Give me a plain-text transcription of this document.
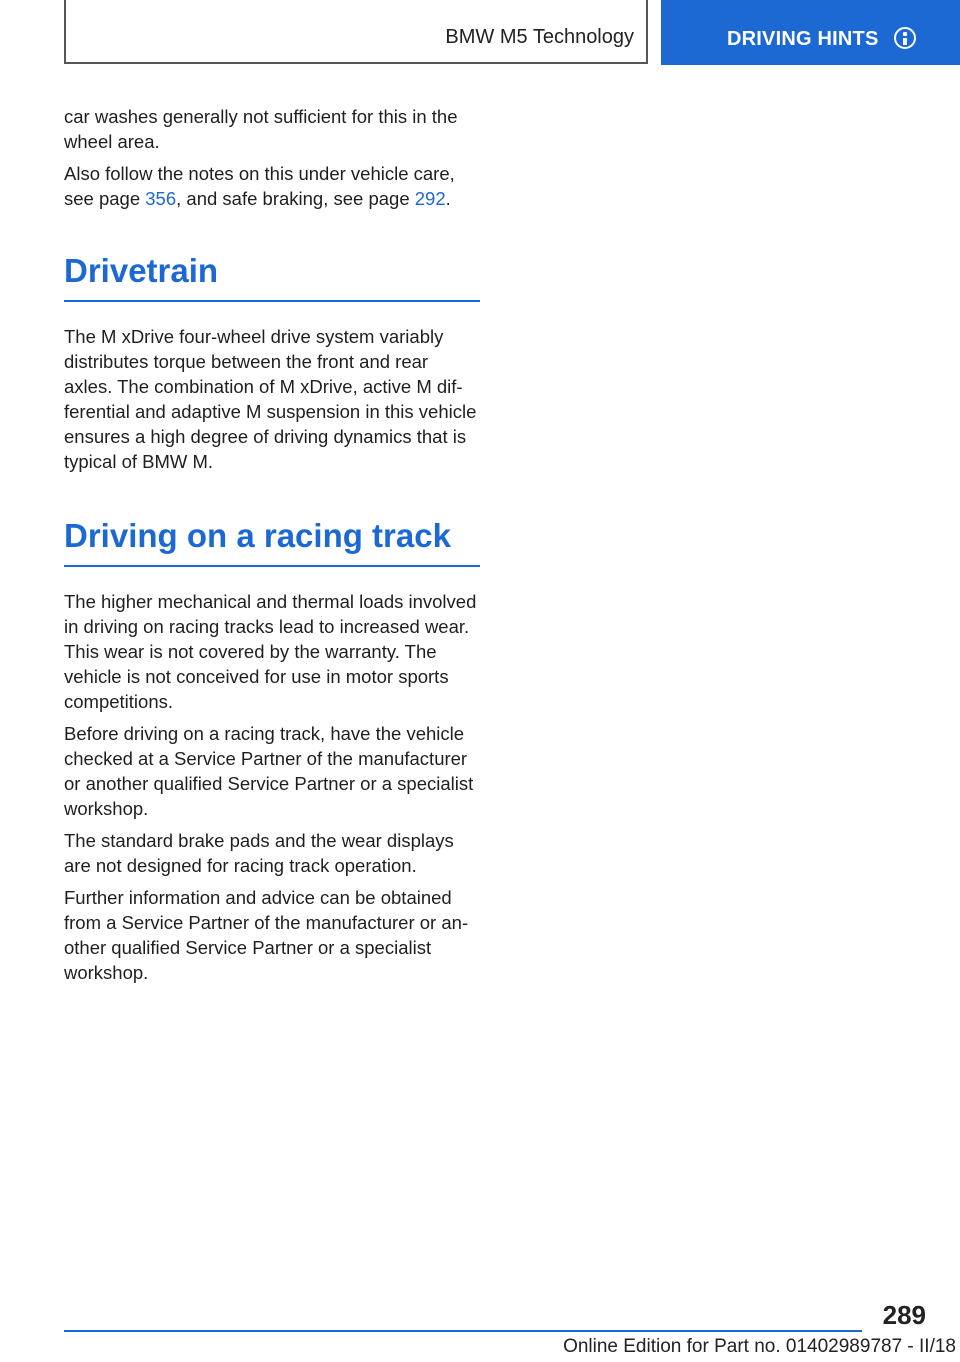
BMW M5 Technology	DRIVING HINTS

car washes generally not sufficient for this in the wheel area.

Also follow the notes on this under vehicle care, see page 356, and safe braking, see page 292.

Drivetrain

The M xDrive four-wheel drive system variably distributes torque between the front and rear axles. The combination of M xDrive, active M differential and adaptive M suspension in this vehicle ensures a high degree of driving dynamics that is typical of BMW M.

Driving on a racing track

The higher mechanical and thermal loads involved in driving on racing tracks lead to increased wear. This wear is not covered by the warranty. The vehicle is not conceived for use in motor sports competitions.

Before driving on a racing track, have the vehicle checked at a Service Partner of the manufacturer or another qualified Service Partner or a specialist workshop.

The standard brake pads and the wear displays are not designed for racing track operation.

Further information and advice can be obtained from a Service Partner of the manufacturer or another qualified Service Partner or a specialist workshop.

289
Online Edition for Part no. 01402989787 - II/18
